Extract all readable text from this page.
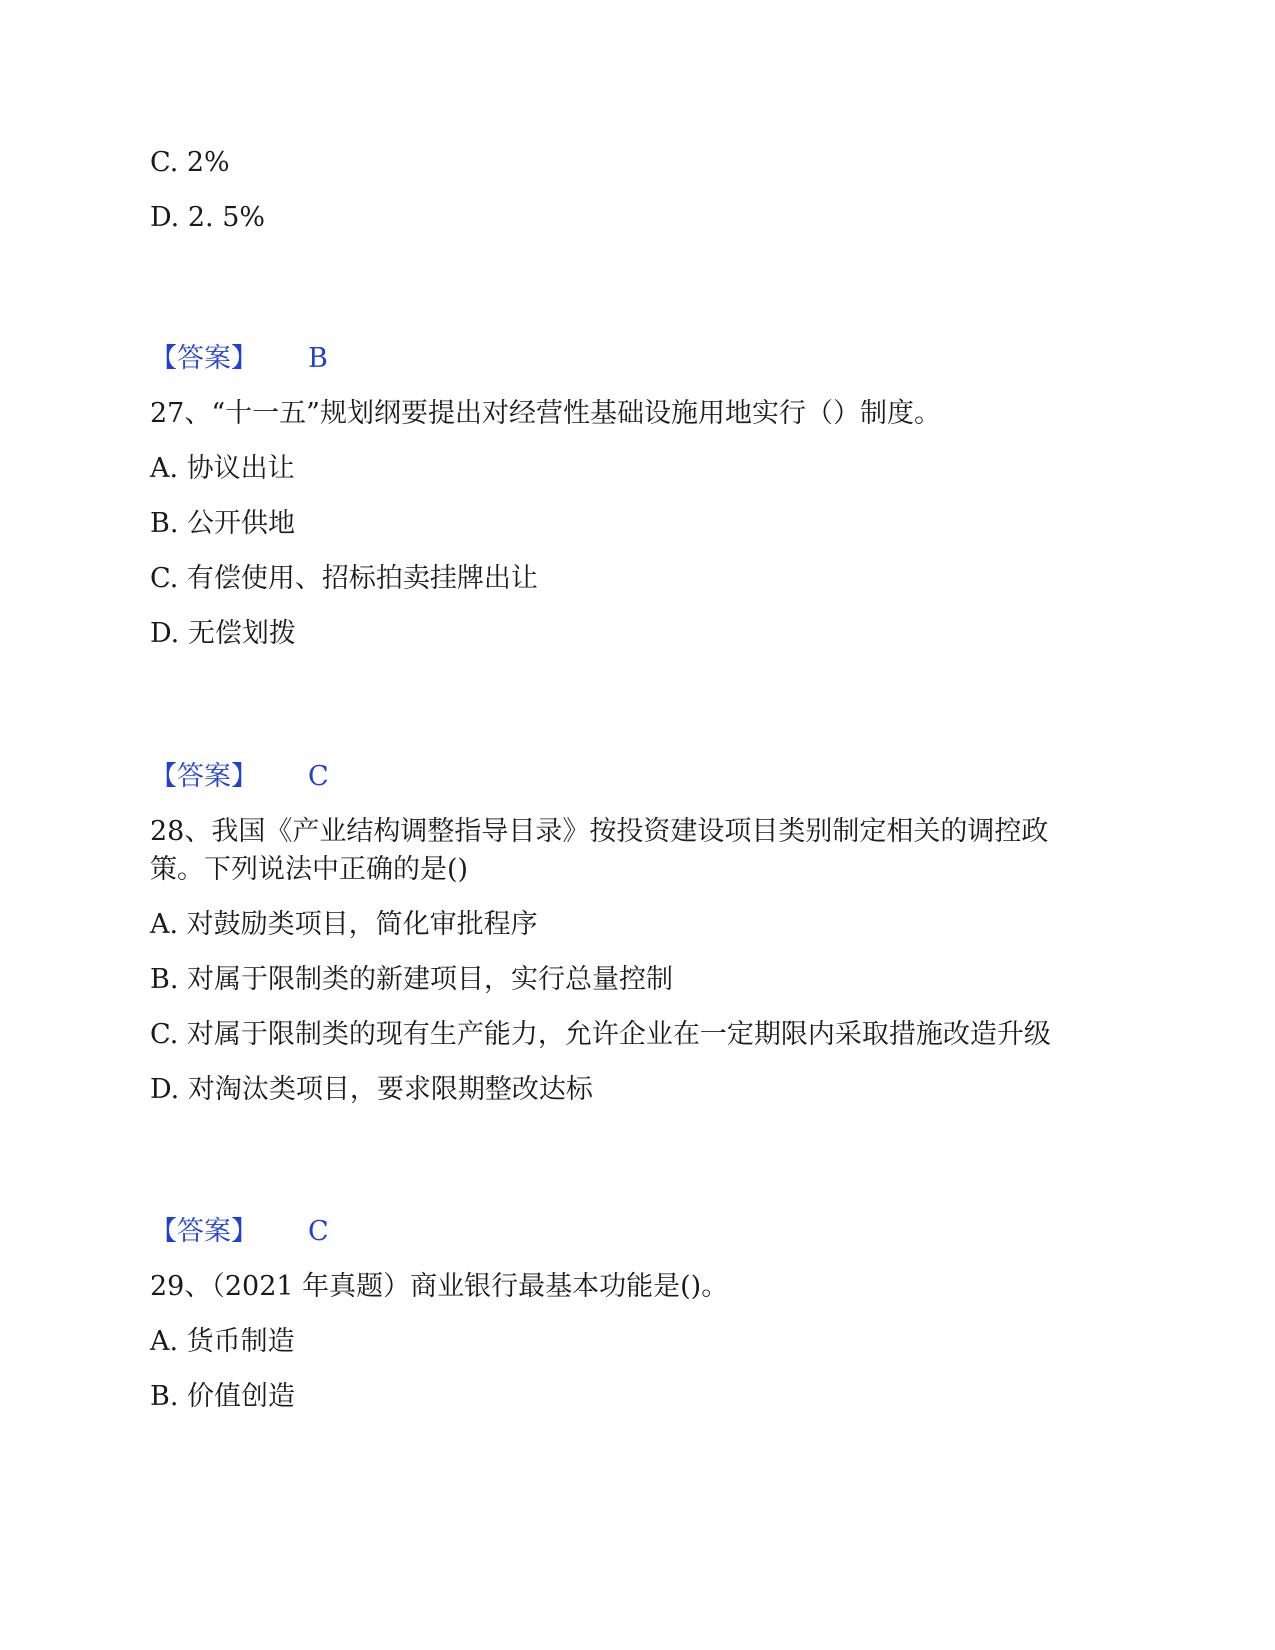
C. 2%
D. 2. 5%
【答案】 B
27、“十一五”规划纲要提出对经营性基础设施用地实行（）制度。
A. 协议出让
B. 公开供地
C. 有偿使用、招标拍卖挂牌出让
D. 无偿划拨
【答案】 C
28、我国《产业结构调整指导目录》按投资建设项目类别制定相关的调控政
策。下列说法中正确的是()
A. 对鼓励类项目，简化审批程序
B. 对属于限制类的新建项目，实行总量控制
C. 对属于限制类的现有生产能力，允许企业在一定期限内采取措施改造升级
D. 对淘汰类项目，要求限期整改达标
【答案】 C
29、（2021 年真题）商业银行最基本功能是()。
A. 货币制造
B. 价值创造
